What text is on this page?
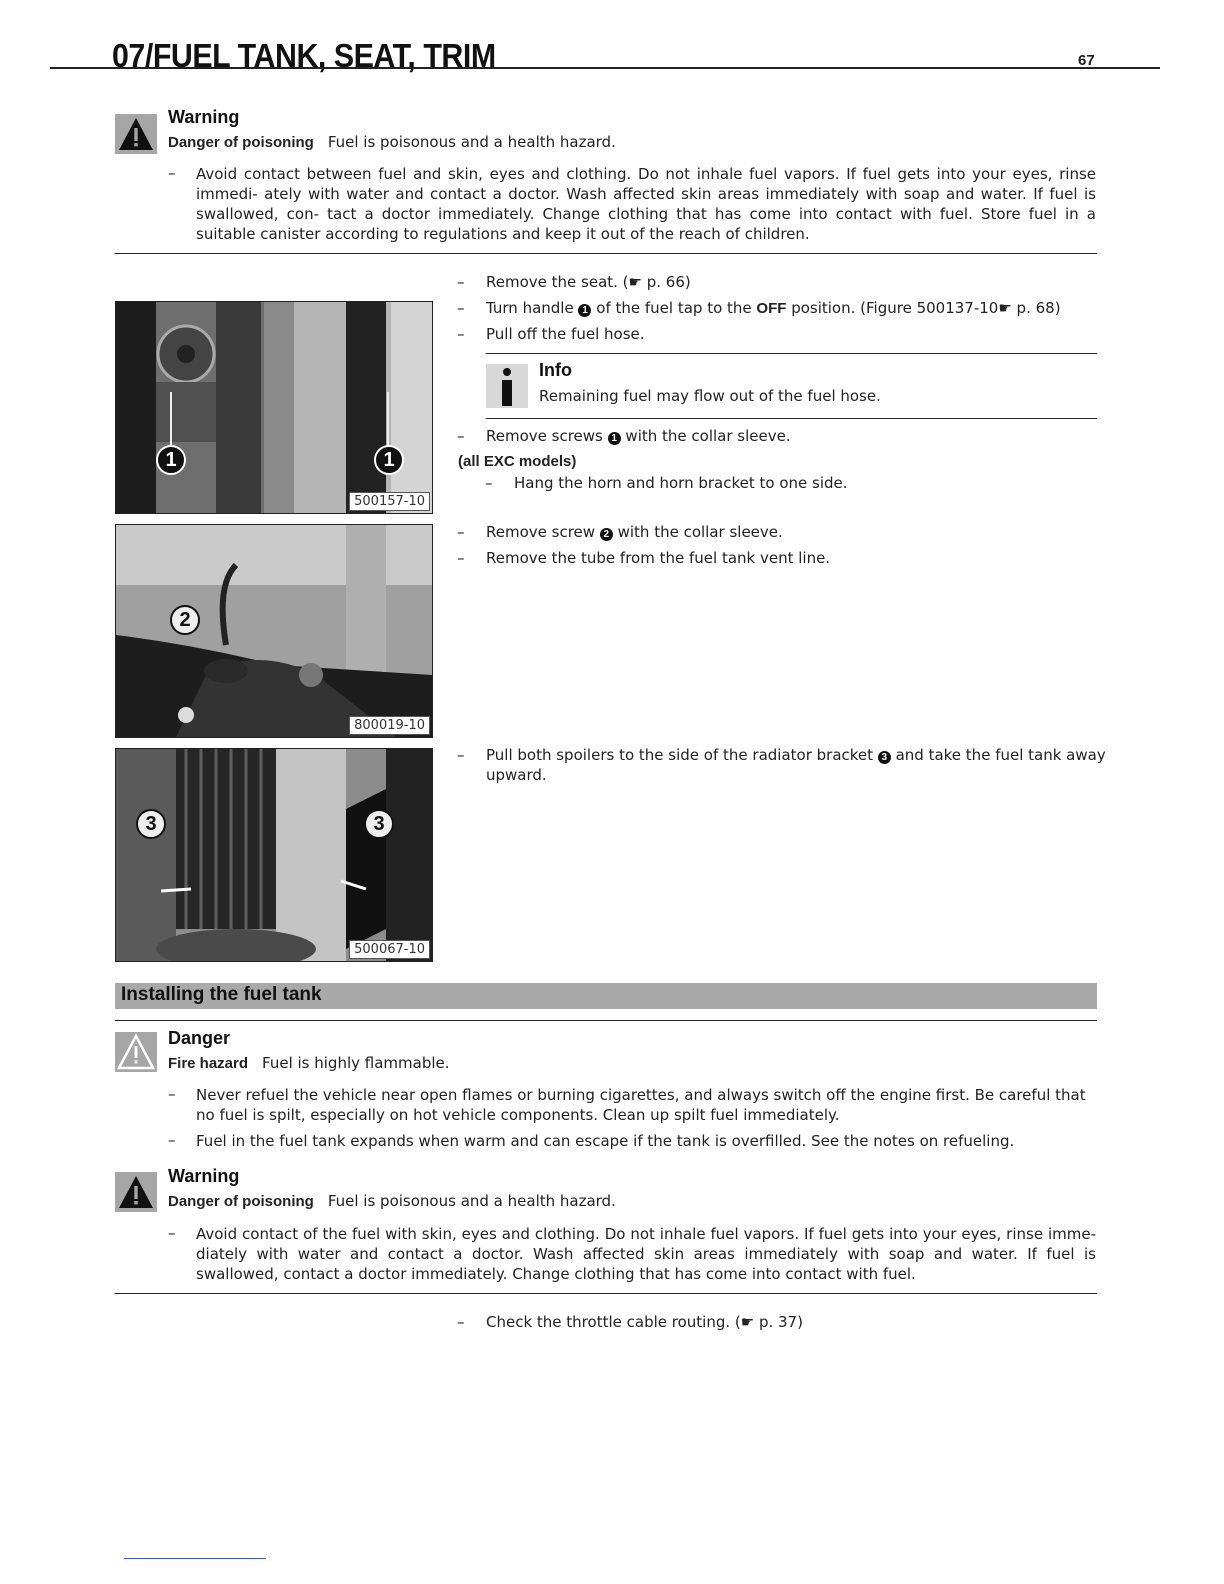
07/FUEL TANK, SEAT, TRIM	67
Warning
Danger of poisoning Fuel is poisonous and a health hazard.
– Avoid contact between fuel and skin, eyes and clothing. Do not inhale fuel vapors. If fuel gets into your eyes, rinse immedi- ately with water and contact a doctor. Wash affected skin areas immediately with soap and water. If fuel is swallowed, con- tact a doctor immediately. Change clothing that has come into contact with fuel. Store fuel in a suitable canister according to regulations and keep it out of the reach of children.
1	1
500157-10
– Remove the seat. (☛ p. 66)
– Turn handle 1 of the fuel tap to the OFF position. (Figure 500137-10☛ p. 68)
– Pull off the fuel hose.
Info
Remaining fuel may flow out of the fuel hose.
– Remove screws 1 with the collar sleeve.
(all EXC models)
– Hang the horn and horn bracket to one side.
2
800019-10
– Remove screw 2 with the collar sleeve.
– Remove the tube from the fuel tank vent line.
3	3
500067-10
– Pull both spoilers to the side of the radiator bracket 3 and take the fuel tank away
upward.
Installing the fuel tank
Danger
Fire hazard Fuel is highly flammable.
– Never refuel the vehicle near open flames or burning cigarettes, and always switch off the engine first. Be careful that no fuel is spilt, especially on hot vehicle components. Clean up spilt fuel immediately.
– Fuel in the fuel tank expands when warm and can escape if the tank is overfilled. See the notes on refueling.
Warning
Danger of poisoning Fuel is poisonous and a health hazard.
– Avoid contact of the fuel with skin, eyes and clothing. Do not inhale fuel vapors. If fuel gets into your eyes, rinse imme- diately with water and contact a doctor. Wash affected skin areas immediately with soap and water. If fuel is swallowed, contact a doctor immediately. Change clothing that has come into contact with fuel.
– Check the throttle cable routing. (☛ p. 37)
